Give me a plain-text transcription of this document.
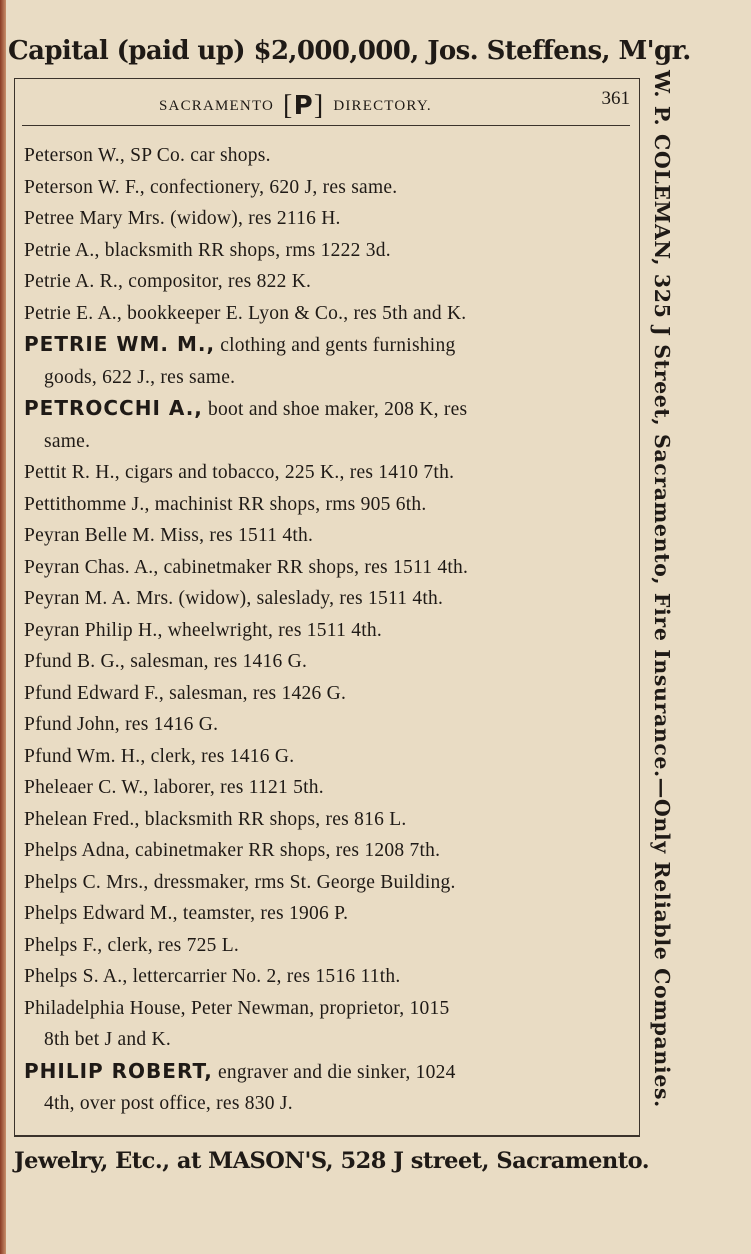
Capital (paid up) $2,000,000, Jos. Steffens, M'gr.
SACRAMENTO [P] DIRECTORY.	361
Peterson W., SP Co. car shops.
Peterson W. F., confectionery, 620 J, res same.
Petree Mary Mrs. (widow), res 2116 H.
Petrie A., blacksmith RR shops, rms 1222 3d.
Petrie A. R., compositor, res 822 K.
Petrie E. A., bookkeeper E. Lyon & Co., res 5th and K.
PETRIE WM. M., clothing and gents furnishing
goods, 622 J., res same.
PETROCCHI A., boot and shoe maker, 208 K, res
same.
Pettit R. H., cigars and tobacco, 225 K., res 1410 7th.
Pettithomme J., machinist RR shops, rms 905 6th.
Peyran Belle M. Miss, res 1511 4th.
Peyran Chas. A., cabinetmaker RR shops, res 1511 4th.
Peyran M. A. Mrs. (widow), saleslady, res 1511 4th.
Peyran Philip H., wheelwright, res 1511 4th.
Pfund B. G., salesman, res 1416 G.
Pfund Edward F., salesman, res 1426 G.
Pfund John, res 1416 G.
Pfund Wm. H., clerk, res 1416 G.
Pheleaer C. W., laborer, res 1121 5th.
Phelean Fred., blacksmith RR shops, res 816 L.
Phelps Adna, cabinetmaker RR shops, res 1208 7th.
Phelps C. Mrs., dressmaker, rms St. George Building.
Phelps Edward M., teamster, res 1906 P.
Phelps F., clerk, res 725 L.
Phelps S. A., lettercarrier No. 2, res 1516 11th.
Philadelphia House, Peter Newman, proprietor, 1015
8th bet J and K.
PHILIP ROBERT, engraver and die sinker, 1024
4th, over post office, res 830 J.	W. P. COLEMAN, 325 J Street, Sacramento, Fire Insurance.—Only Reliable Companies.
Jewelry, Etc., at MASON'S, 528 J street, Sacramento.
